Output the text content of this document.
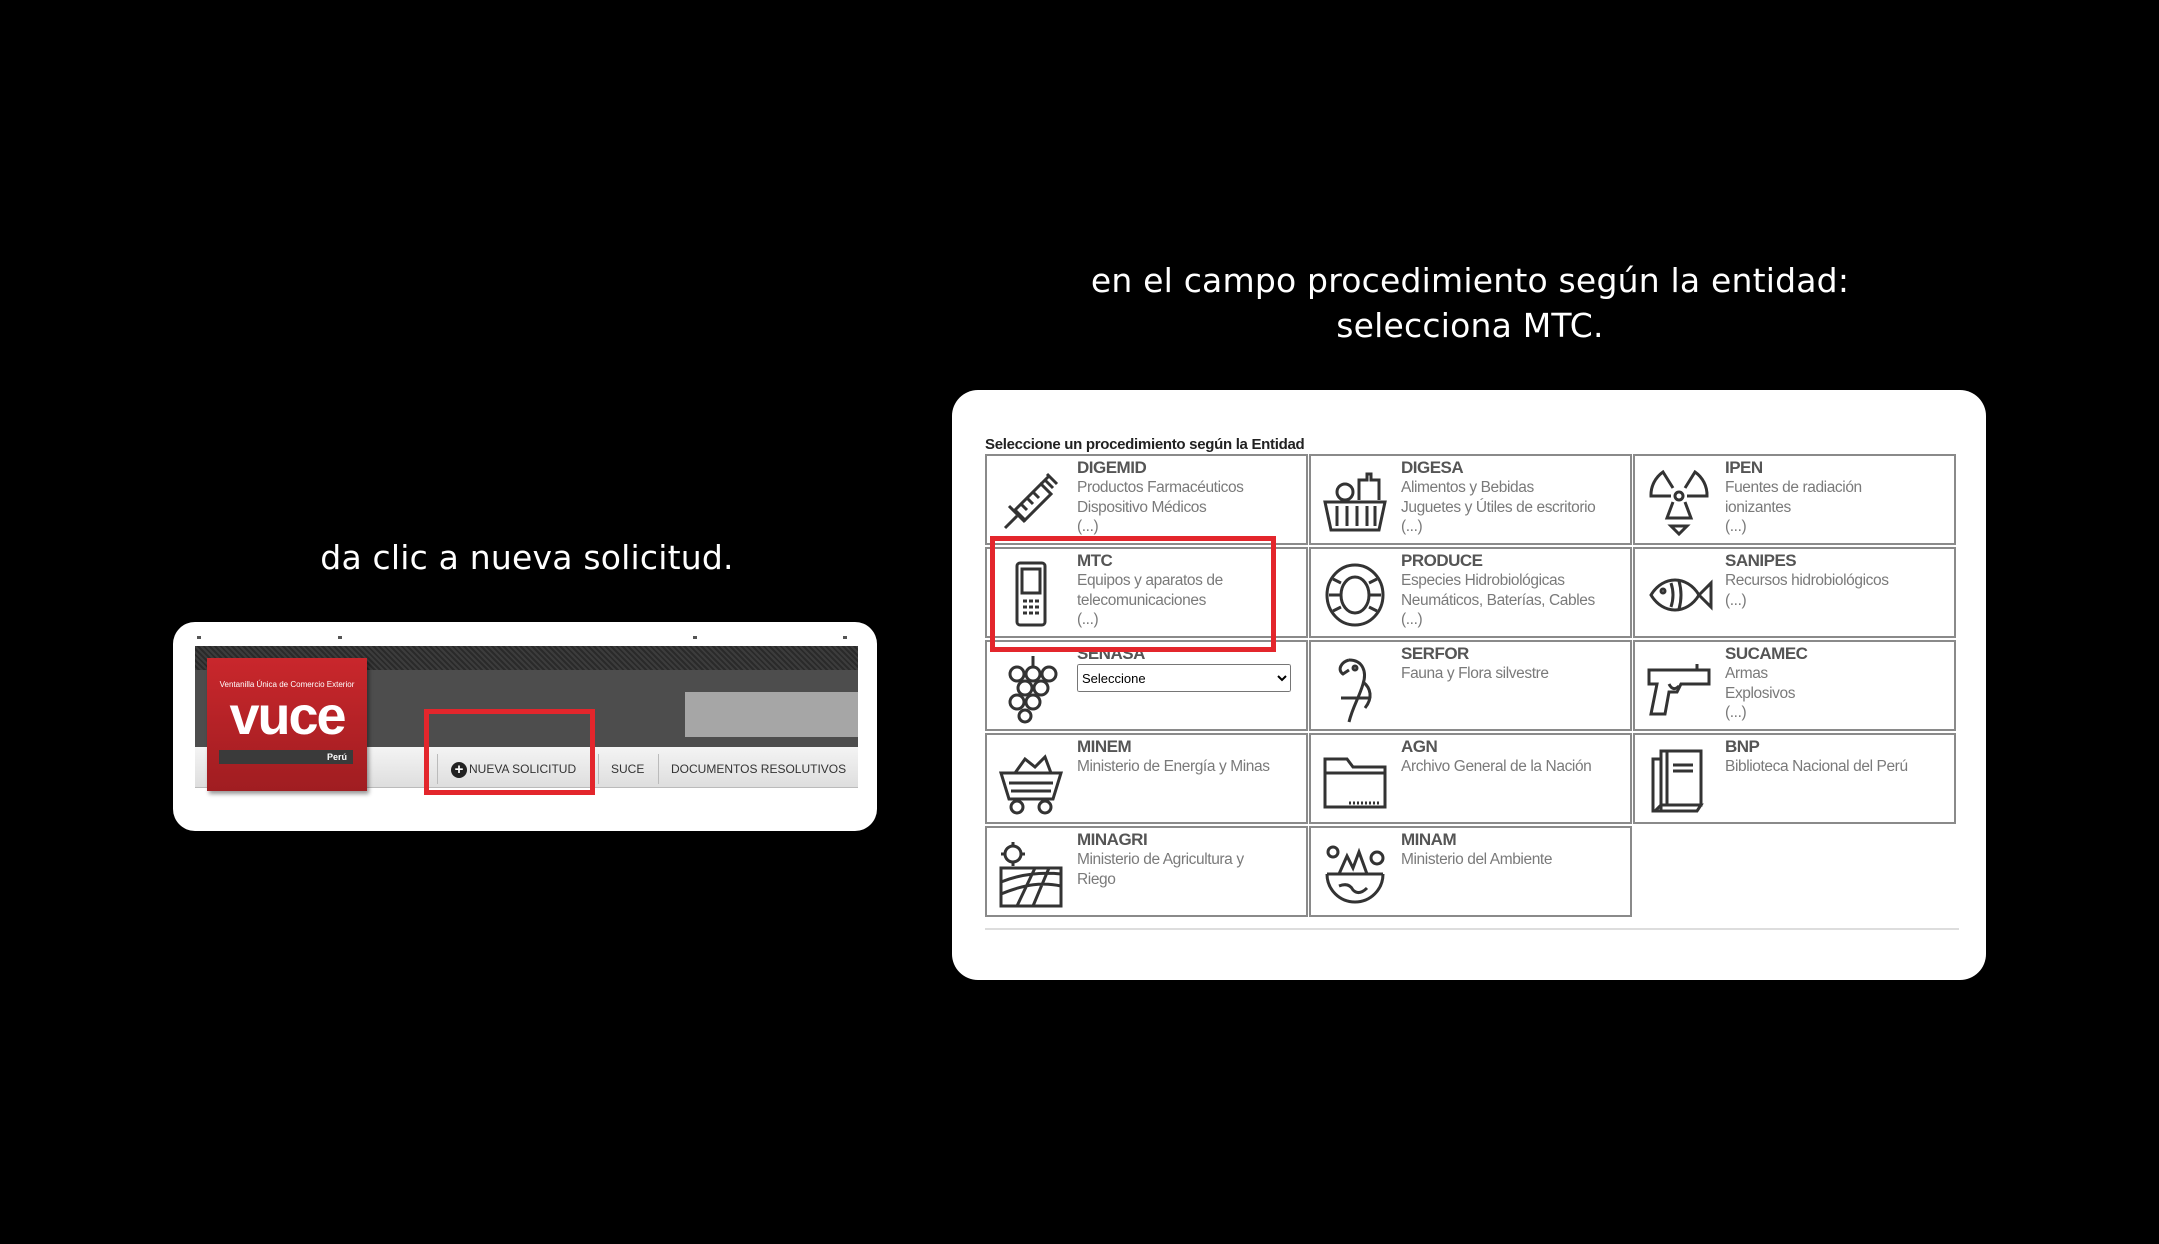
da clic a nueva solicitud.
en el campo procedimiento según la entidad:
selecciona MTC.
Ventanilla Única de Comercio Exterior
vuce
Perú
+ NUEVA SOLICITUD	SUCE DOCUMENTOS RESOLUTIVOS
Seleccione un procedimiento según la Entidad
DIGEMID
Productos Farmacéuticos
Dispositivo Médicos
(...)
DIGESA
Alimentos y Bebidas
Juguetes y Útiles de escritorio
(...)
IPEN
Fuentes de radiación
ionizantes
(...)
MTC
Equipos y aparatos de
telecomunicaciones
(...)
PRODUCE
Especies Hidrobiológicas
Neumáticos, Baterías, Cables
(...)
SANIPES
Recursos hidrobiológicos
(...)
SENASA
Seleccione	SERFOR
Fauna y Flora silvestre
SUCAMEC
Armas
Explosivos
(...)
MINEM
Ministerio de Energía y Minas
AGN
Archivo General de la Nación
BNP
Biblioteca Nacional del Perú
MINAGRI
Ministerio de Agricultura y
Riego
MINAM
Ministerio del Ambiente
